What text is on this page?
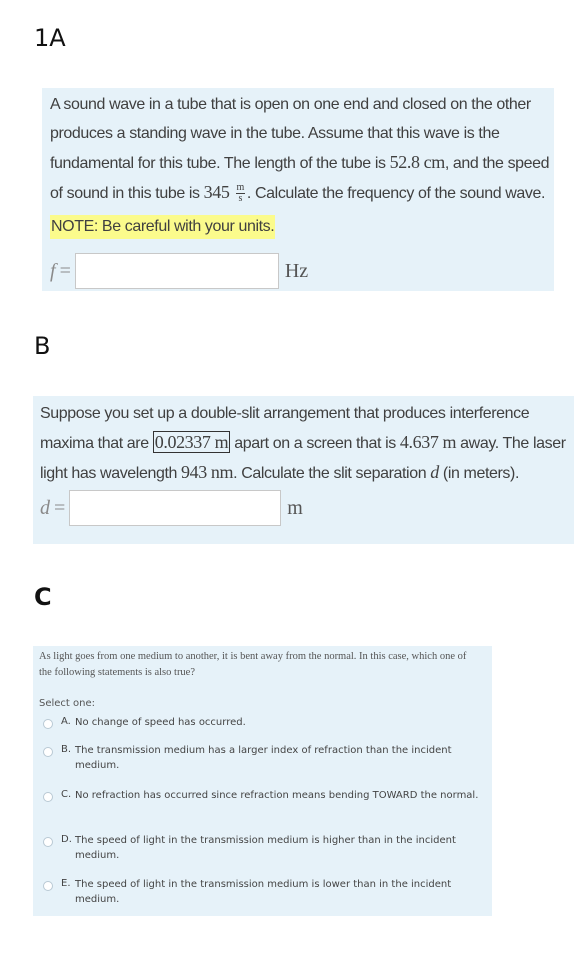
1A
A sound wave in a tube that is open on one end and closed on the other produces a standing wave in the tube. Assume that this wave is the fundamental for this tube. The length of the tube is 52.8 cm, and the speed of sound in this tube is $345 \frac{m}{s}$ . Calculate the frequency of the sound wave.
NOTE: Be careful with your units.
f =	Hz
B
Suppose you set up a double-slit arrangement that produces interference maxima that are 0.02337 m apart on a screen that is 4.637 m away. The laser light has wavelength 943 nm. Calculate the slit separation d (in meters).
d =	m
C
As light goes from one medium to another, it is bent away from the normal. In this case, which one of the following statements is also true?
Select one:
A. No change of speed has occurred.
B. The transmission medium has a larger index of refraction than the incident medium.
C. No refraction has occurred since refraction means bending TOWARD the normal.
D. The speed of light in the transmission medium is higher than in the incident medium.
E. The speed of light in the transmission medium is lower than in the incident medium.
